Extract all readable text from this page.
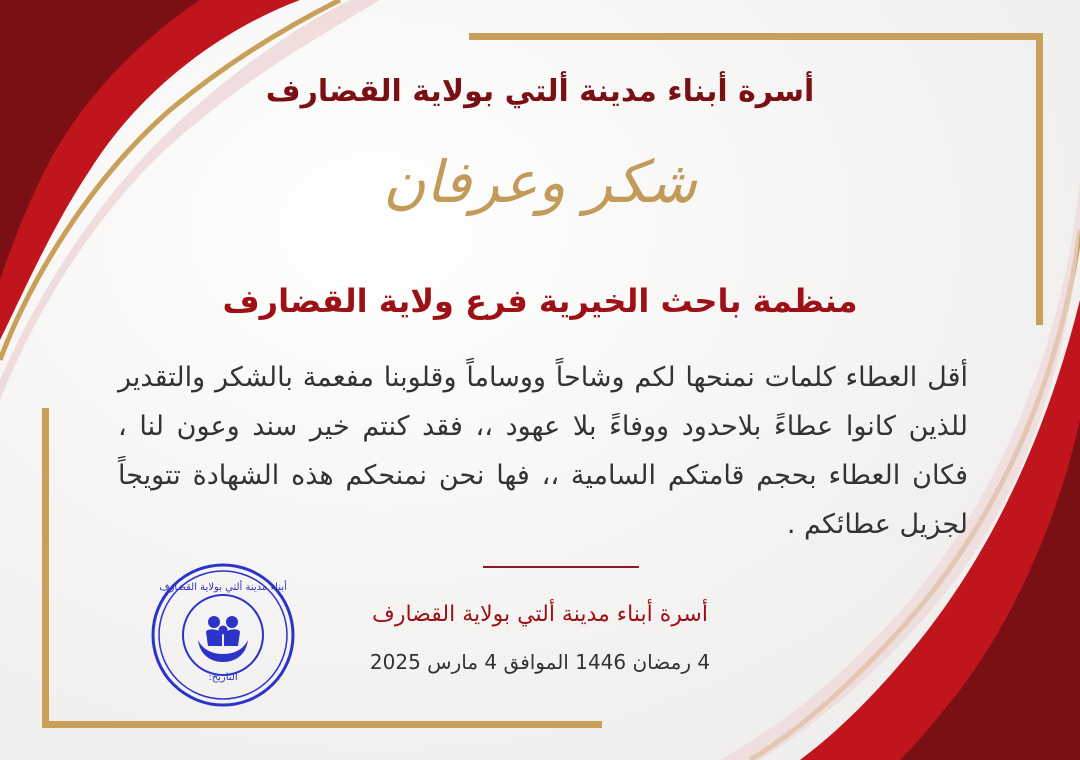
أسرة أبناء مدينة ألتي بولاية القضارف
شكر وعرفان
منظمة باحث الخيرية فرع ولاية القضارف
أقل العطاء كلمات نمنحها لكم وشاحاً ووساماً وقلوبنا مفعمة بالشكر والتقدير للذين كانوا عطاءً بلاحدود ووفاءً بلا عهود ،، فقد كنتم خير سند وعون لنا ، فكان العطاء بحجم قامتكم السامية ،، فها نحن نمنحكم هذه الشهادة تتويجاً لجزيل عطائكم .
أسرة أبناء مدينة ألتي بولاية القضارف
4 رمضان 1446 الموافق 4 مارس 2025
أبناء مدينة ألتي بولاية القضارف
التاريخ:
